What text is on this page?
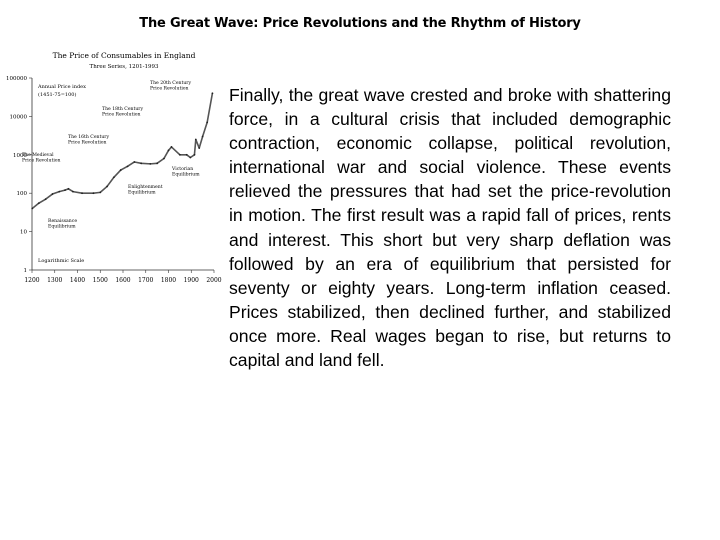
The Great Wave: Price Revolutions and the Rhythm of History
The Price of Consumables in England
Three Series, 1201-1993
1200 1300 1400 1500 1600 1700 1800 1900 2000
1
10
100
1000
10000
100000
Annual Price index
(1451-75=100)
Logarithmic Scale
The 20th Century Price Revolution
The 18th Century Price Revolution
The 16th Century Price Revolution
The Medieval Price Revolution
Victorian Equilibrium
Enlightenment Equilibrium
Renaissance Equilibrium

Finally, the great wave crested and broke with shattering force, in a cultural crisis that included demographic contraction, economic collapse, political revolution, international war and social violence. These events relieved the pressures that had set the price-revolution in motion. The first result was a rapid fall of prices, rents and interest. This short but very sharp deflation was followed by an era of equilibrium that persisted for seventy or eighty years. Long-term inflation ceased. Prices stabilized, then declined further, and stabilized once more. Real wages began to rise, but returns to capital and land fell.
